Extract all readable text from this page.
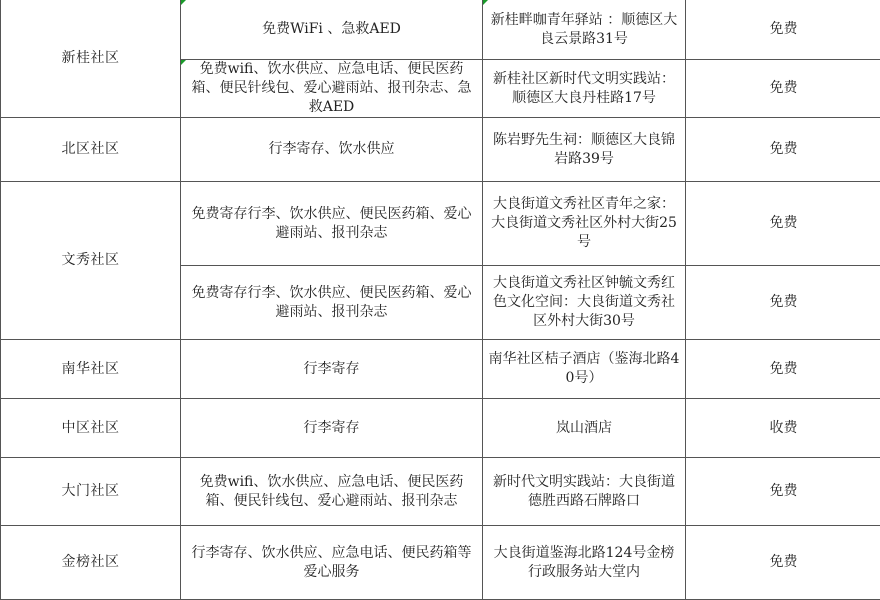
新桂社区	免费WiFi 、急救AED	新桂畔咖青年驿站 ：顺德区大良云景路31号	免费
	免费wifi、饮水供应、应急电话、便民医药箱、便民针线包、爱心避雨站、报刊杂志、急救AED	新桂社区新时代文明实践站：顺德区大良丹桂路17号	免费
北区社区	行李寄存、饮水供应	陈岩野先生祠：顺德区大良锦岩路39号	免费
文秀社区	免费寄存行李、饮水供应、便民医药箱、爱心避雨站、报刊杂志	大良街道文秀社区青年之家：大良街道文秀社区外村大街25号	免费
	免费寄存行李、饮水供应、便民医药箱、爱心避雨站、报刊杂志	大良街道文秀社区钟毓文秀红色文化空间：大良街道文秀社区外村大街30号	免费
南华社区	行李寄存	南华社区桔子酒店（鉴海北路40号）	免费
中区社区	行李寄存	岚山酒店	收费
大门社区	免费wifi、饮水供应、应急电话、便民医药箱、便民针线包、爱心避雨站、报刊杂志	新时代文明实践站：大良街道德胜西路石牌路口	免费
金榜社区	行李寄存、饮水供应、应急电话、便民药箱等爱心服务	大良街道鉴海北路124号金榜行政服务站大堂内	免费
